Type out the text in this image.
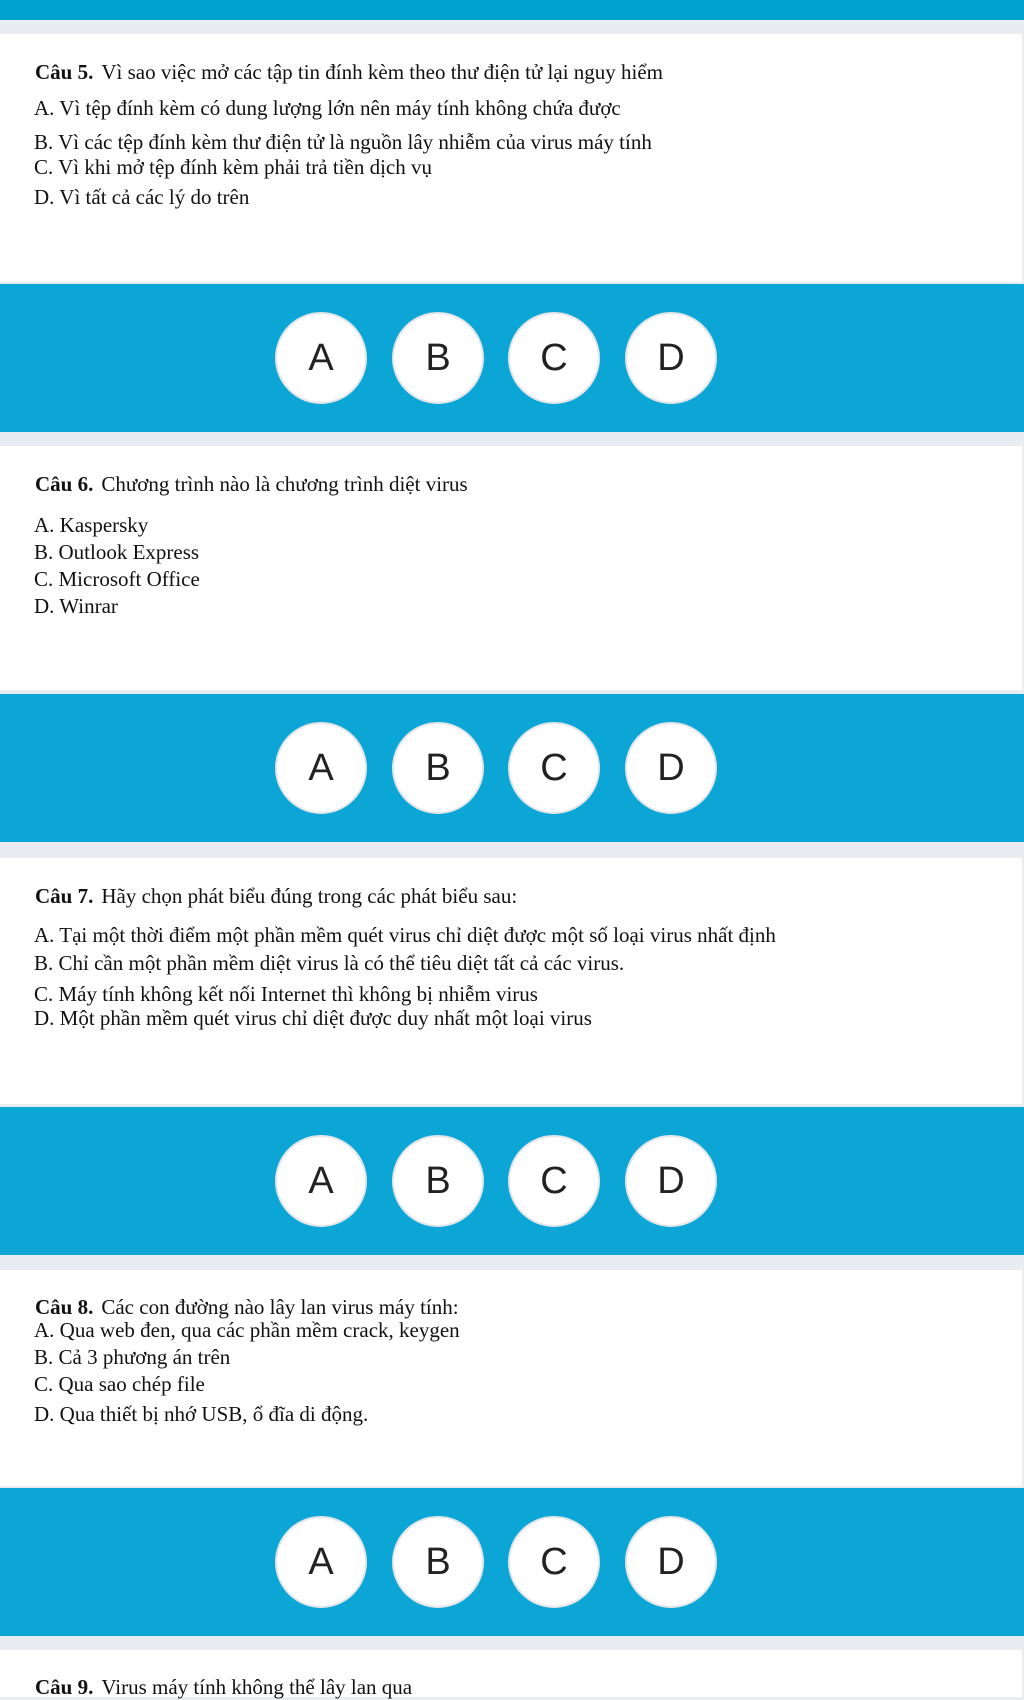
Câu 5. Vì sao việc mở các tập tin đính kèm theo thư điện tử lại nguy hiểm
A. Vì tệp đính kèm có dung lượng lớn nên máy tính không chứa được
B. Vì các tệp đính kèm thư điện tử là nguồn lây nhiễm của virus máy tính
C. Vì khi mở tệp đính kèm phải trả tiền dịch vụ
D. Vì tất cả các lý do trên
A	B	C	D
Câu 6. Chương trình nào là chương trình diệt virus
A. Kaspersky
B. Outlook Express
C. Microsoft Office
D. Winrar
A	B	C	D
Câu 7. Hãy chọn phát biểu đúng trong các phát biểu sau:
A. Tại một thời điểm một phần mềm quét virus chỉ diệt được một số loại virus nhất định
B. Chỉ cần một phần mềm diệt virus là có thể tiêu diệt tất cả các virus.
C. Máy tính không kết nối Internet thì không bị nhiễm virus
D. Một phần mềm quét virus chỉ diệt được duy nhất một loại virus
A	B	C	D
Câu 8. Các con đường nào lây lan virus máy tính:
A. Qua web đen, qua các phần mềm crack, keygen
B. Cả 3 phương án trên
C. Qua sao chép file
D. Qua thiết bị nhớ USB, ổ đĩa di động.
A	B	C	D
Câu 9. Virus máy tính không thể lây lan qua
